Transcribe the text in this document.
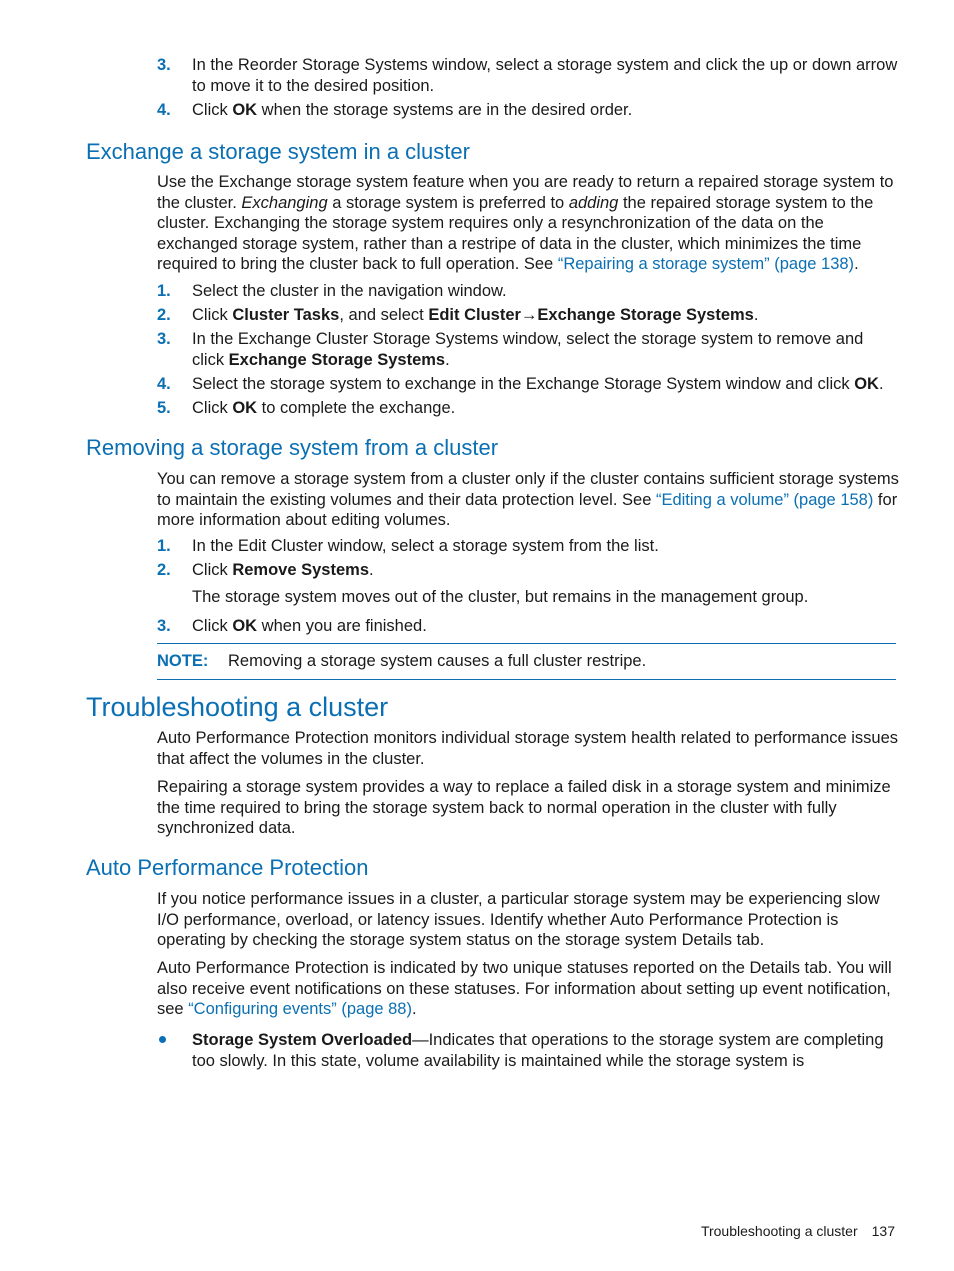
3. In the Reorder Storage Systems window, select a storage system and click the up or down arrow to move it to the desired position.
4. Click OK when the storage systems are in the desired order.
Exchange a storage system in a cluster

Use the Exchange storage system feature when you are ready to return a repaired storage system to the cluster. Exchanging a storage system is preferred to adding the repaired storage system to the cluster. Exchanging the storage system requires only a resynchronization of the data on the exchanged storage system, rather than a restripe of data in the cluster, which minimizes the time required to bring the cluster back to full operation. See “Repairing a storage system” (page 138).

1. Select the cluster in the navigation window.
2. Click Cluster Tasks, and select Edit Cluster→Exchange Storage Systems.
3. In the Exchange Cluster Storage Systems window, select the storage system to remove and click Exchange Storage Systems.
4. Select the storage system to exchange in the Exchange Storage System window and click OK.
5. Click OK to complete the exchange.
Removing a storage system from a cluster

You can remove a storage system from a cluster only if the cluster contains sufficient storage systems to maintain the existing volumes and their data protection level. See “Editing a volume” (page 158) for more information about editing volumes.

1. In the Edit Cluster window, select a storage system from the list.
2. Click Remove Systems.
The storage system moves out of the cluster, but remains in the management group.
3. Click OK when you are finished.
NOTE: Removing a storage system causes a full cluster restripe.
Troubleshooting a cluster

Auto Performance Protection monitors individual storage system health related to performance issues that affect the volumes in the cluster.

Repairing a storage system provides a way to replace a failed disk in a storage system and minimize the time required to bring the storage system back to normal operation in the cluster with fully synchronized data.

Auto Performance Protection

If you notice performance issues in a cluster, a particular storage system may be experiencing slow I/O performance, overload, or latency issues. Identify whether Auto Performance Protection is operating by checking the storage system status on the storage system Details tab.

Auto Performance Protection is indicated by two unique statuses reported on the Details tab. You will also receive event notifications on these statuses. For information about setting up event notification, see “Configuring events” (page 88).

Storage System Overloaded—Indicates that operations to the storage system are completing too slowly. In this state, volume availability is maintained while the storage system is
Troubleshooting a cluster 137
